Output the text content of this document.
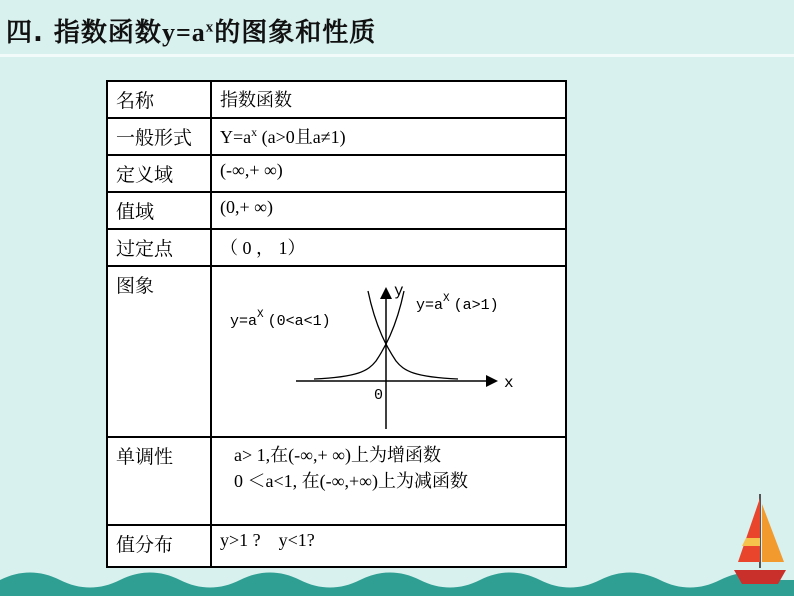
四. 指数函数$y=a^x$的图象和性质
名称	指数函数
一般形式	$Y=a^x$ (a>0且a≠1)
定义域	(-∞,+ ∞)
值域	(0,+ ∞)
过定点	（ 0 ， 1）
图象	$y=a^X$ (0<a<1)
$y=a^X$ (a>1)
y
x
0

单调性	a> 1,在(-∞,+ ∞)上为增函数
0 ＜a<1, 在(-∞,+∞)上为减函数

值分布	y>1 ?    y<1?
